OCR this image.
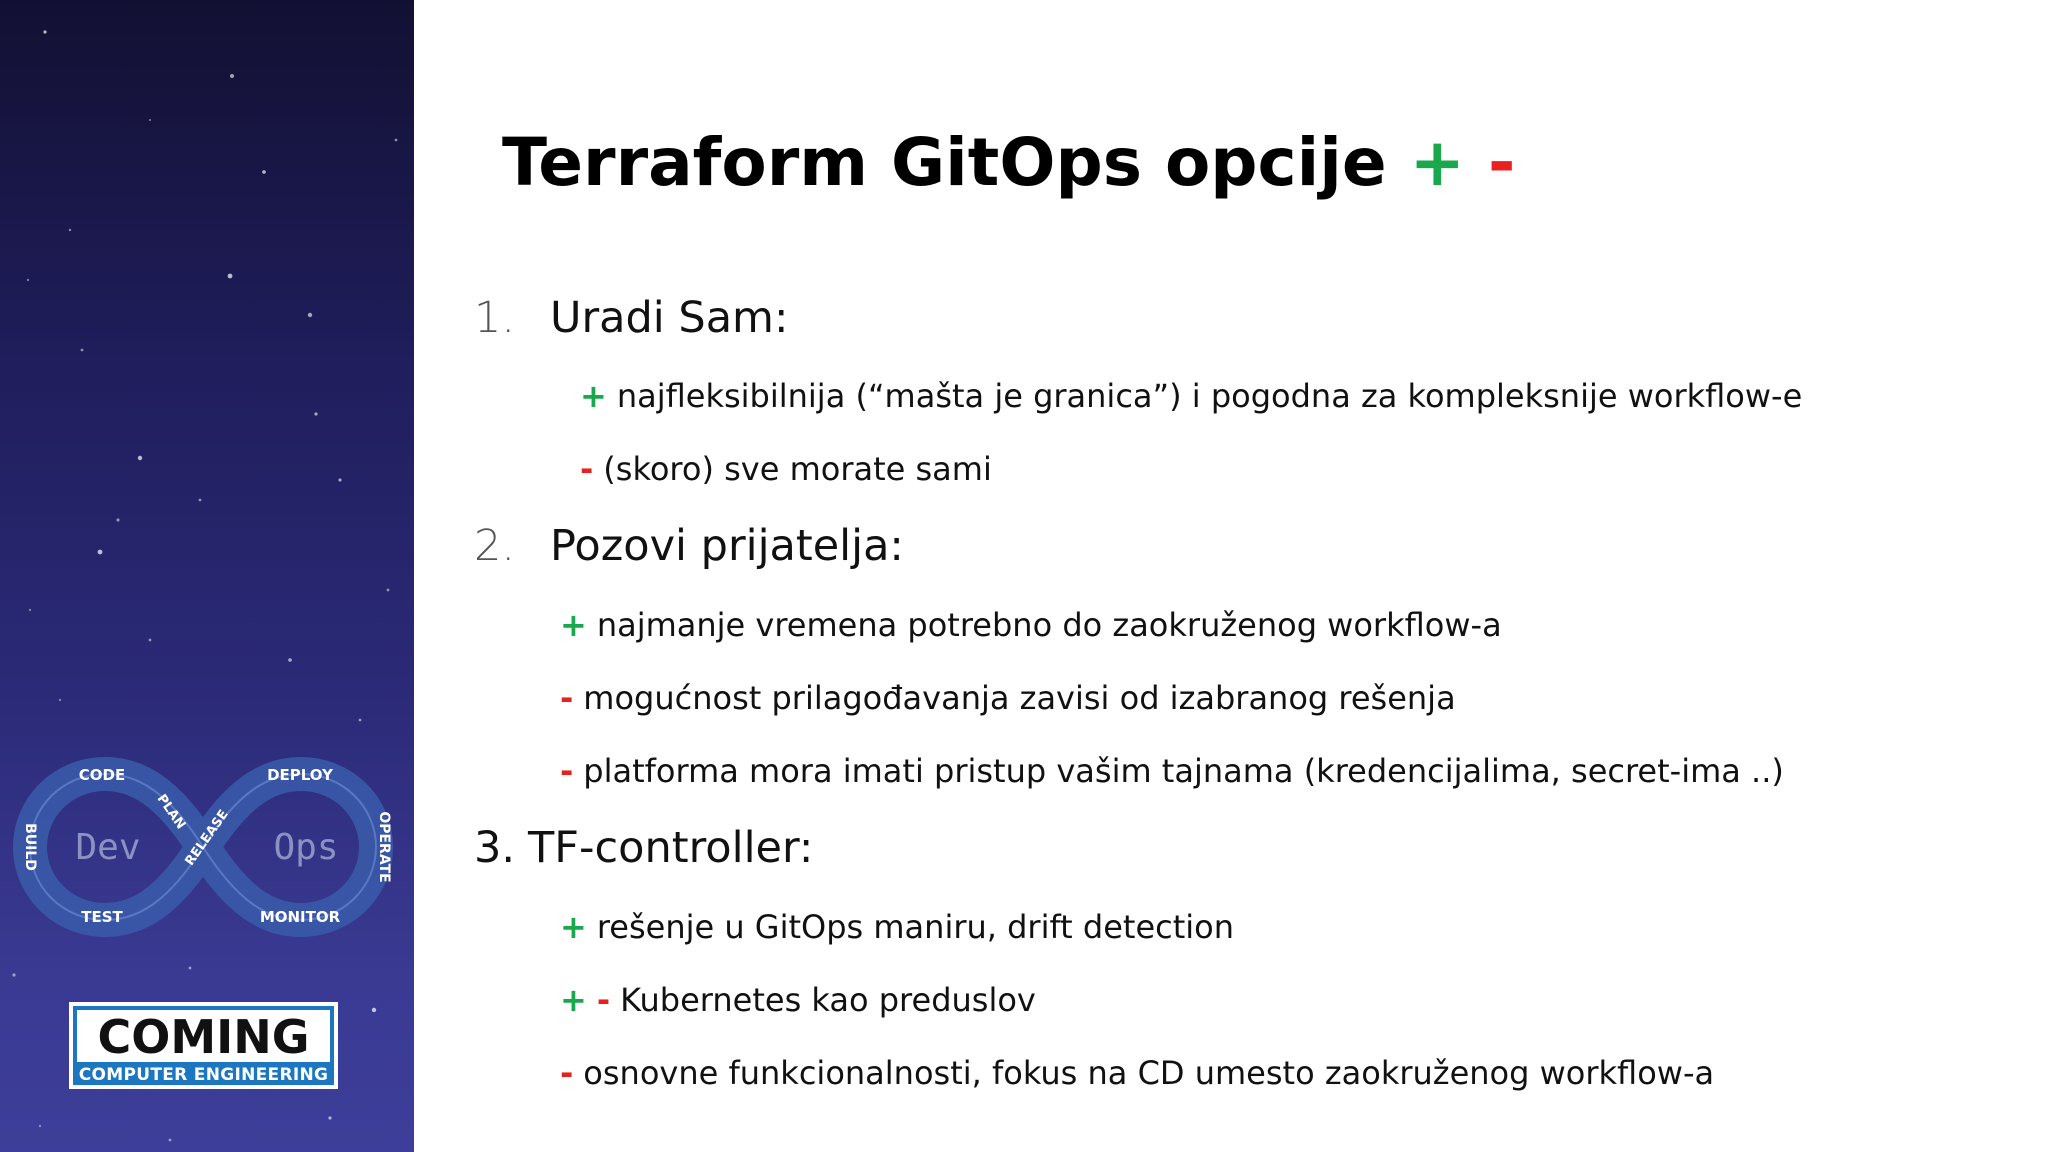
Dev	Ops
CODE
BUILD
TEST
PLAN
RELEASE
DEPLOY
OPERATE
MONITOR
COMING
COMPUTER ENGINEERING
Terraform GitOps opcije + -
1. Uradi Sam:
+ najfleksibilnija (“mašta je granica”) i pogodna za kompleksnije workflow-e
- (skoro) sve morate sami
2. Pozovi prijatelja:
+ najmanje vremena potrebno do zaokruženog workflow-a
- mogućnost prilagođavanja zavisi od izabranog rešenja
- platforma mora imati pristup vašim tajnama (kredencijalima, secret-ima ..)
3. TF-controller:
+ rešenje u GitOps maniru, drift detection
+ - Kubernetes kao preduslov
- osnovne funkcionalnosti, fokus na CD umesto zaokruženog workflow-a
